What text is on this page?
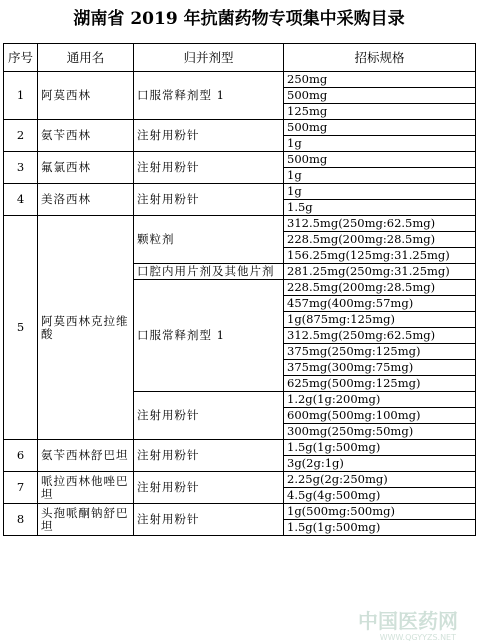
湖南省 2019 年抗菌药物专项集中采购目录
序号	通用名	归并剂型	招标规格
1	阿莫西林	口服常释剂型 1	250mg
			500mg
			125mg
2	氨苄西林	注射用粉针	500mg
			1g
3	氟氯西林	注射用粉针	500mg
			1g
4	美洛西林	注射用粉针	1g
			1.5g
5	阿莫西林克拉维酸	颗粒剂	312.5mg(250mg:62.5mg)
			228.5mg(200mg:28.5mg)
			156.25mg(125mg:31.25mg)
		口腔内用片剂及其他片剂	281.25mg(250mg:31.25mg)
		口服常释剂型 1	228.5mg(200mg:28.5mg)
			457mg(400mg:57mg)
			1g(875mg:125mg)
			312.5mg(250mg:62.5mg)
			375mg(250mg:125mg)
			375mg(300mg:75mg)
			625mg(500mg:125mg)
		注射用粉针	1.2g(1g:200mg)
			600mg(500mg:100mg)
			300mg(250mg:50mg)
6	氨苄西林舒巴坦	注射用粉针	1.5g(1g:500mg)
			3g(2g:1g)
7	哌拉西林他唑巴坦	注射用粉针	2.25g(2g:250mg)
			4.5g(4g:500mg)
8	头孢哌酮钠舒巴坦	注射用粉针	1g(500mg:500mg)
			1.5g(1g:500mg)
中国医药网
WWW.QGYYZS.NET
